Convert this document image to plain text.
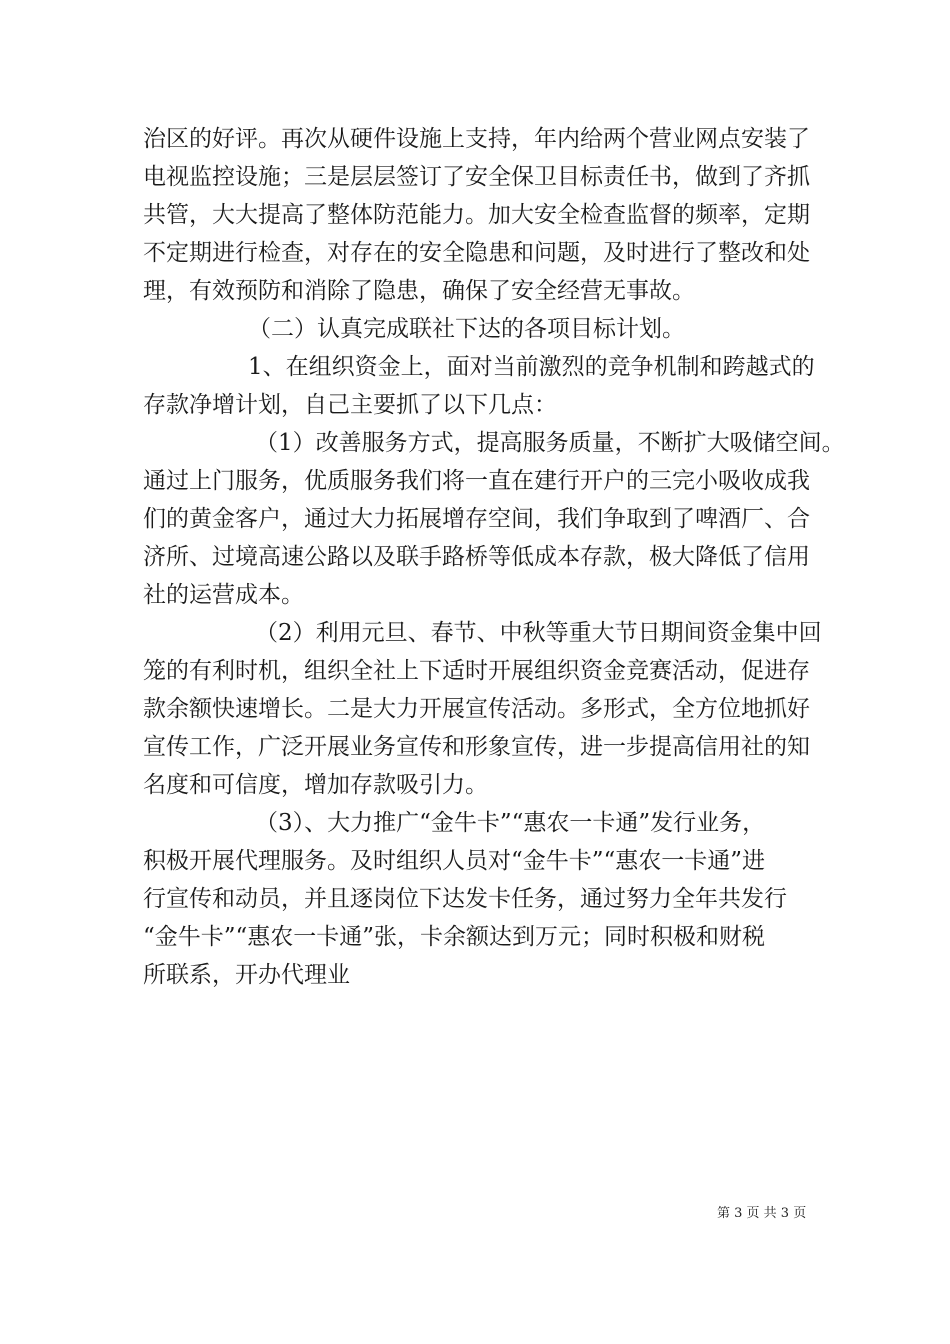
治区的好评。再次从硬件设施上支持，年内给两个营业网点安装了
电视监控设施；三是层层签订了安全保卫目标责任书，做到了齐抓
共管，大大提高了整体防范能力。加大安全检查监督的频率，定期
不定期进行检查，对存在的安全隐患和问题，及时进行了整改和处
理，有效预防和消除了隐患，确保了安全经营无事故。
（二）认真完成联社下达的各项目标计划。
1、在组织资金上，面对当前激烈的竞争机制和跨越式的
存款净增计划，自己主要抓了以下几点：
（1）改善服务方式，提高服务质量，不断扩大吸储空间。
通过上门服务，优质服务我们将一直在建行开户的三完小吸收成我
们的黄金客户，通过大力拓展增存空间，我们争取到了啤酒厂、合
济所、过境高速公路以及联手路桥等低成本存款，极大降低了信用
社的运营成本。
（2）利用元旦、春节、中秋等重大节日期间资金集中回
笼的有利时机，组织全社上下适时开展组织资金竞赛活动，促进存
款余额快速增长。二是大力开展宣传活动。多形式，全方位地抓好
宣传工作，广泛开展业务宣传和形象宣传，进一步提高信用社的知
名度和可信度，增加存款吸引力。
（3）、大力推广“金牛卡”“惠农一卡通”发行业务，
积极开展代理服务。及时组织人员对“金牛卡”“惠农一卡通”进
行宣传和动员，并且逐岗位下达发卡任务，通过努力全年共发行
“金牛卡”“惠农一卡通”张，卡余额达到万元；同时积极和财税
所联系，开办代理业
第 3 页 共 3 页
